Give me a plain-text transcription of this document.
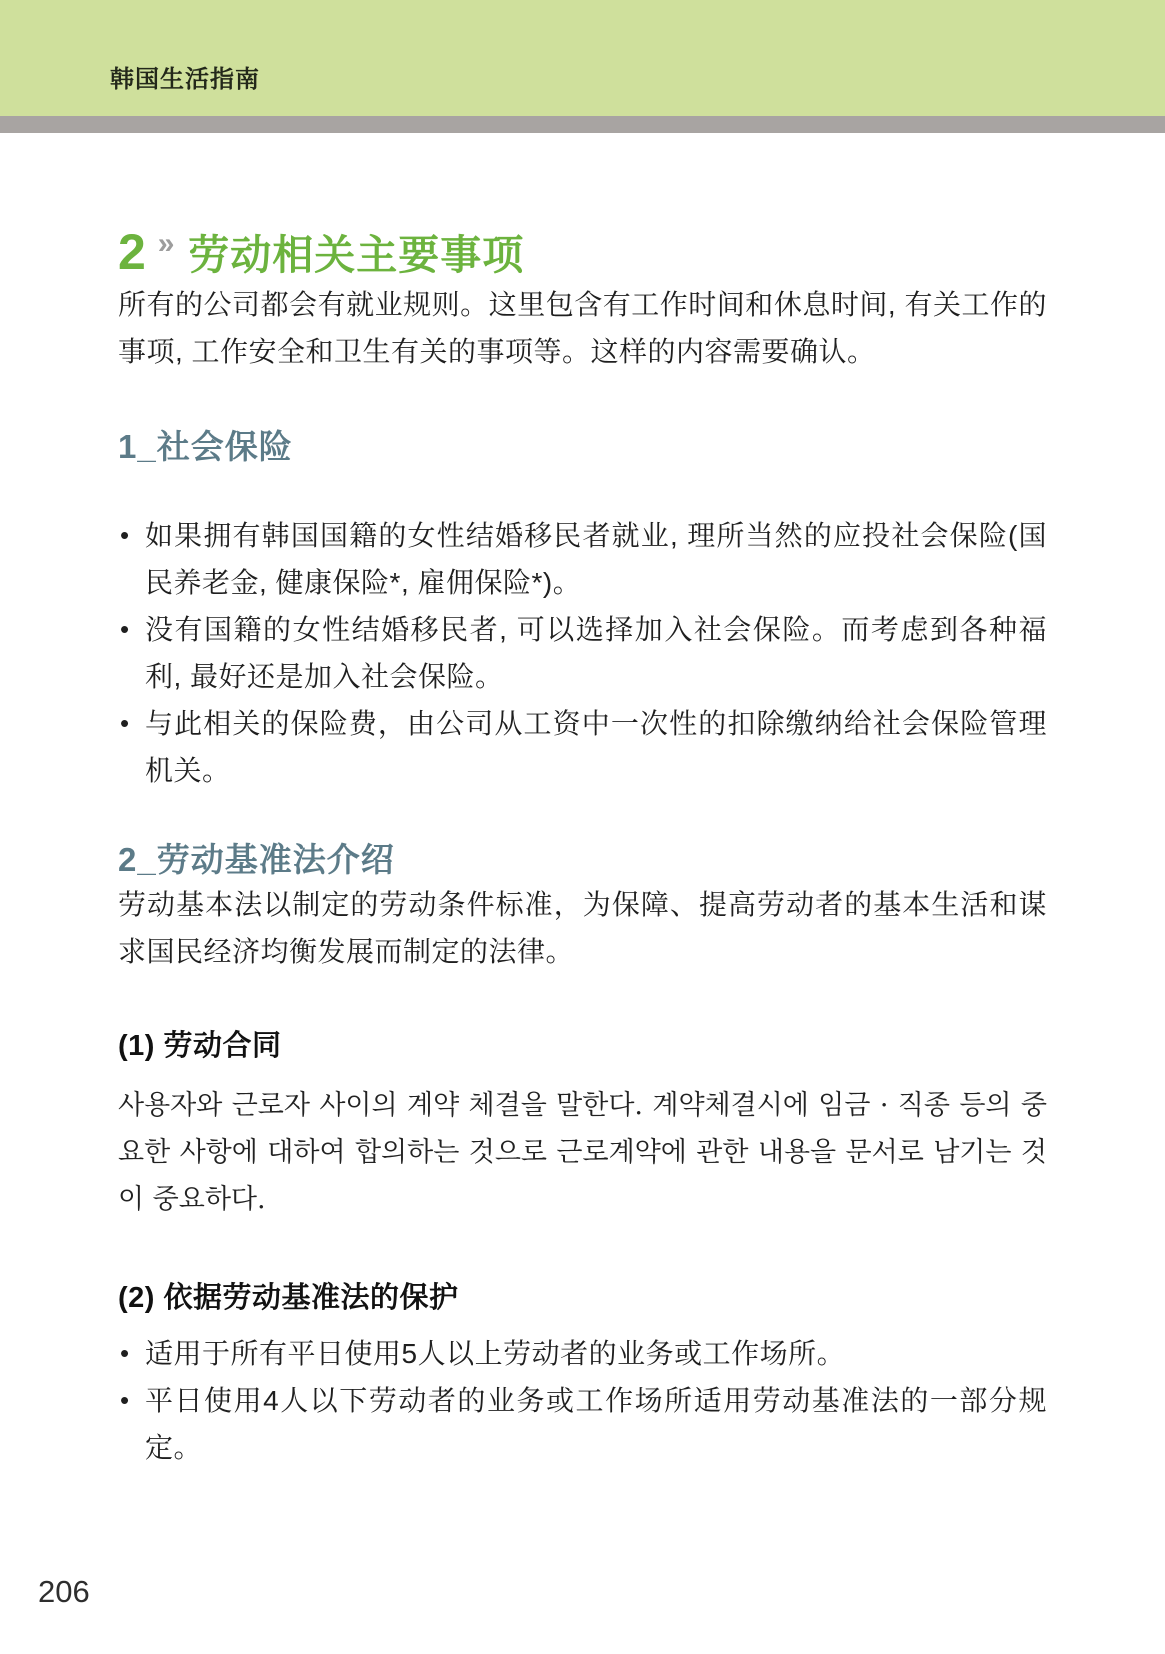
韩国生活指南
2 » 劳动相关主要事项

所有的公司都会有就业规则。这里包含有工作时间和休息时间, 有关工作的事项, 工作安全和卫生有关的事项等。这样的内容需要确认。

1_社会保险
• 如果拥有韩国国籍的女性结婚移民者就业, 理所当然的应投社会保险(国民养老金, 健康保险*, 雇佣保险*)。
• 没有国籍的女性结婚移民者, 可以选择加入社会保险。而考虑到各种福利, 最好还是加入社会保险。
• 与此相关的保险费，由公司从工资中一次性的扣除缴纳给社会保险管理机关。
2_劳动基准法介绍

劳动基本法以制定的劳动条件标准，为保障、提高劳动者的基本生活和谋求国民经济均衡发展而制定的法律。

(1) 劳动合同

사용자와 근로자 사이의 계약 체결을 말한다. 계약체결시에 임금 · 직종 등의 중요한 사항에 대하여 합의하는 것으로 근로계약에 관한 내용을 문서로 남기는 것이 중요하다.

(2) 依据劳动基准法的保护
• 适用于所有平日使用5人以上劳动者的业务或工作场所。
• 平日使用4人以下劳动者的业务或工作场所适用劳动基准法的一部分规定。
206
